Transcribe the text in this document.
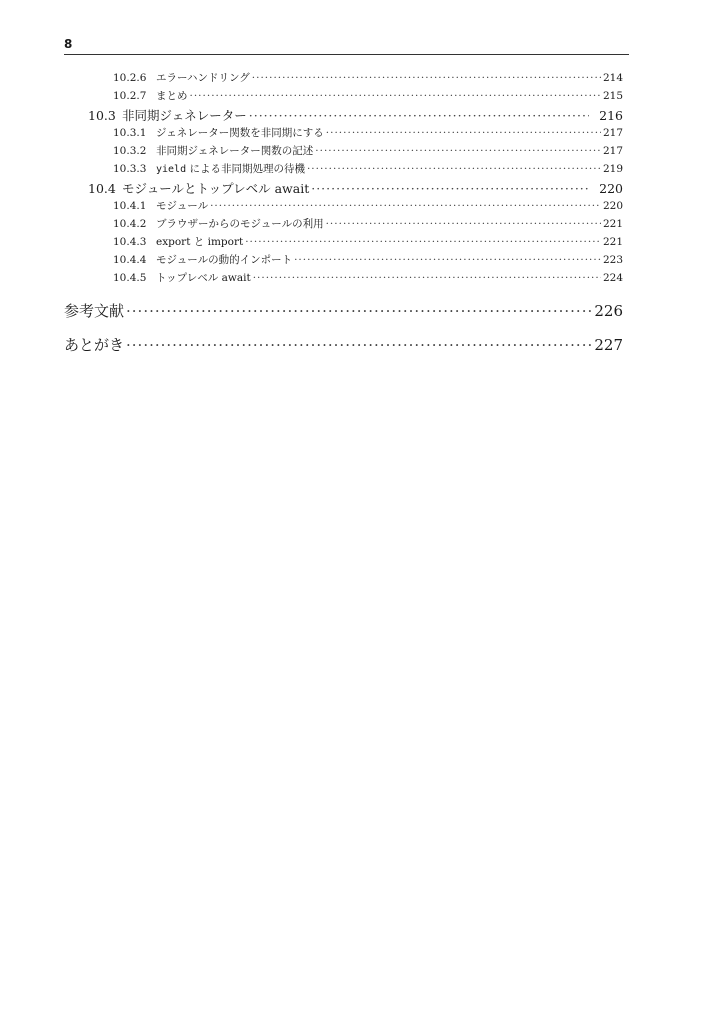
8
10.2.6 エラーハンドリング ·····	214
10.2.7 まとめ ·····	215
10.3 非同期ジェネレーター ·····	216
10.3.1 ジェネレーター関数を非同期にする ·····	217
10.3.2 非同期ジェネレーター関数の記述 ·····	217
10.3.3 yield による非同期処理の待機 ·····	219
10.4 モジュールとトップレベル await ·····	220
10.4.1 モジュール ·····	220
10.4.2 ブラウザーからのモジュールの利用 ·····	221
10.4.3 export と import ·····	221
10.4.4 モジュールの動的インポート ·····	223
10.4.5 トップレベル await ·····	224
参考文献 ·····	226
あとがき ·····	227
